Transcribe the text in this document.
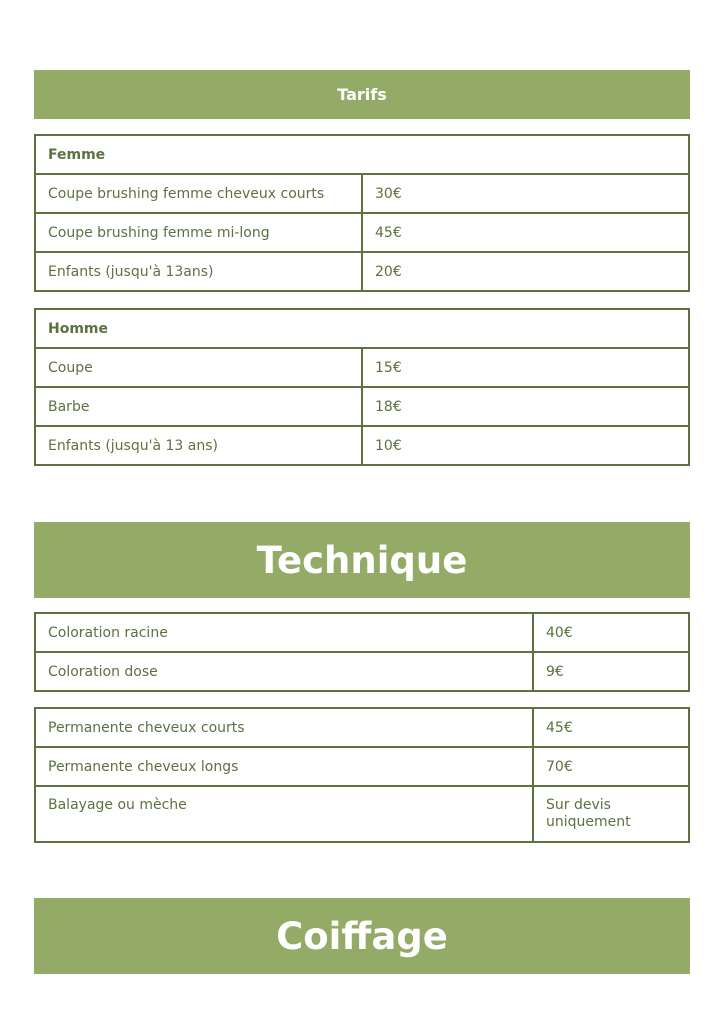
Tarifs
Femme	
Coupe brushing femme cheveux courts	30€
Coupe brushing femme mi-long	45€
Enfants (jusqu'à 13ans)	20€
Homme	
Coupe	15€
Barbe	18€
Enfants (jusqu'à 13 ans)	10€
Technique
Coloration racine	40€
Coloration dose	9€
Permanente cheveux courts	45€
Permanente cheveux longs	70€
Balayage ou mèche	Sur devis uniquement
Coiffage
